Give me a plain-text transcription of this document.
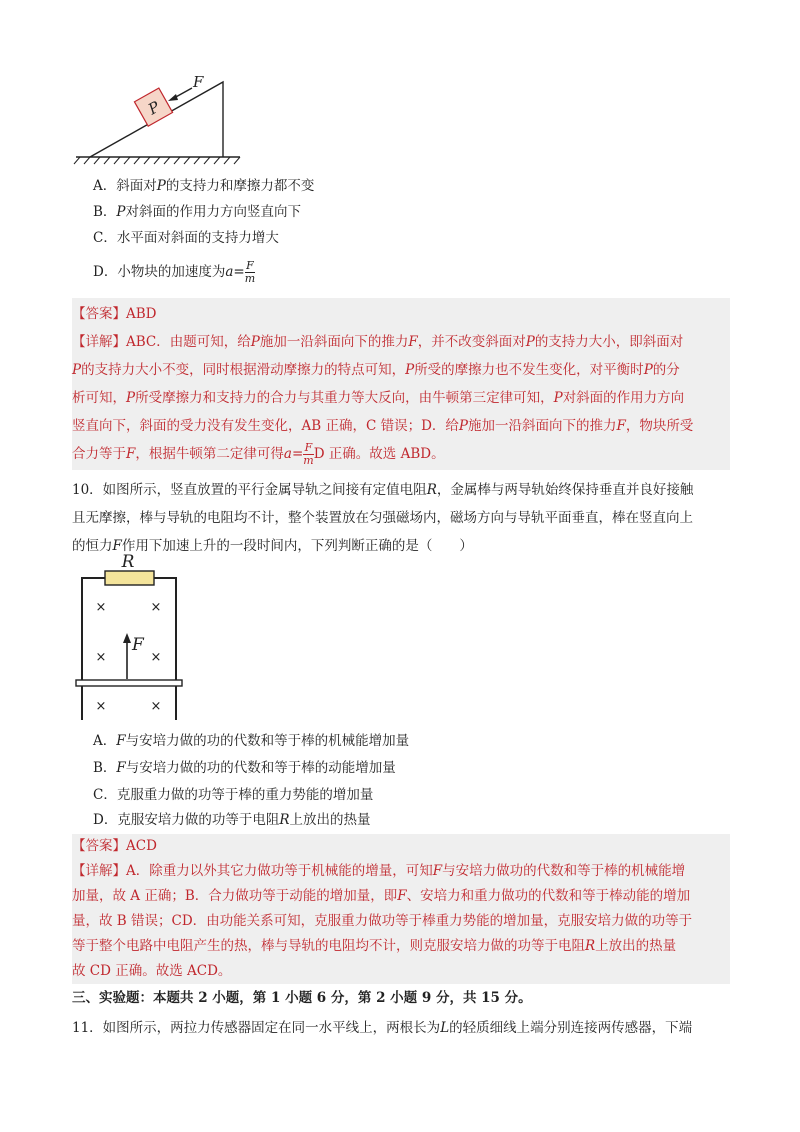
P
F
A．斜面对P的支持力和摩擦力都不变
B．P对斜面的作用力方向竖直向下
C．水平面对斜面的支持力增大
D．小物块的加速度为$a= \frac{F}{m}$
【答案】ABD
【详解】ABC．由题可知，给P施加一沿斜面向下的推力F，并不改变斜面对P的支持力大小，即斜面对
P的支持力大小不变，同时根据滑动摩擦力的特点可知，P所受的摩擦力也不发生变化，对平衡时P的分
析可知，P所受摩擦力和支持力的合力与其重力等大反向，由牛顿第三定律可知，P对斜面的作用力方向
竖直向下，斜面的受力没有发生变化，AB 正确，C 错误；D．给P施加一沿斜面向下的推力F，物块所受
合力等于F，根据牛顿第二定律可得$a= \frac{F}{m}$ D 正确。故选 ABD。
10．如图所示，竖直放置的平行金属导轨之间接有定值电阻R，金属棒与两导轨始终保持垂直并良好接触
且无摩擦，棒与导轨的电阻均不计，整个装置放在匀强磁场内，磁场方向与导轨平面垂直，棒在竖直向上
的恒力F作用下加速上升的一段时间内，下列判断正确的是（　　）
R
F
×	×
×	×
×	×
A．F与安培力做的功的代数和等于棒的机械能增加量
B．F与安培力做的功的代数和等于棒的动能增加量
C．克服重力做的功等于棒的重力势能的增加量
D．克服安培力做的功等于电阻R上放出的热量
【答案】ACD
【详解】A．除重力以外其它力做功等于机械能的增量，可知F与安培力做功的代数和等于棒的机械能增
加量，故 A 正确；B．合力做功等于动能的增加量，即F、安培力和重力做功的代数和等于棒动能的增加
量，故 B 错误；CD．由功能关系可知，克服重力做功等于棒重力势能的增加量，克服安培力做的功等于
等于整个电路中电阻产生的热，棒与导轨的电阻均不计，则克服安培力做的功等于电阻R上放出的热量
故 CD 正确。故选 ACD。
三、实验题：本题共 2 小题，第 1 小题 6 分，第 2 小题 9 分，共 15 分。
11．如图所示，两拉力传感器固定在同一水平线上，两根长为L的轻质细线上端分别连接两传感器，下端
